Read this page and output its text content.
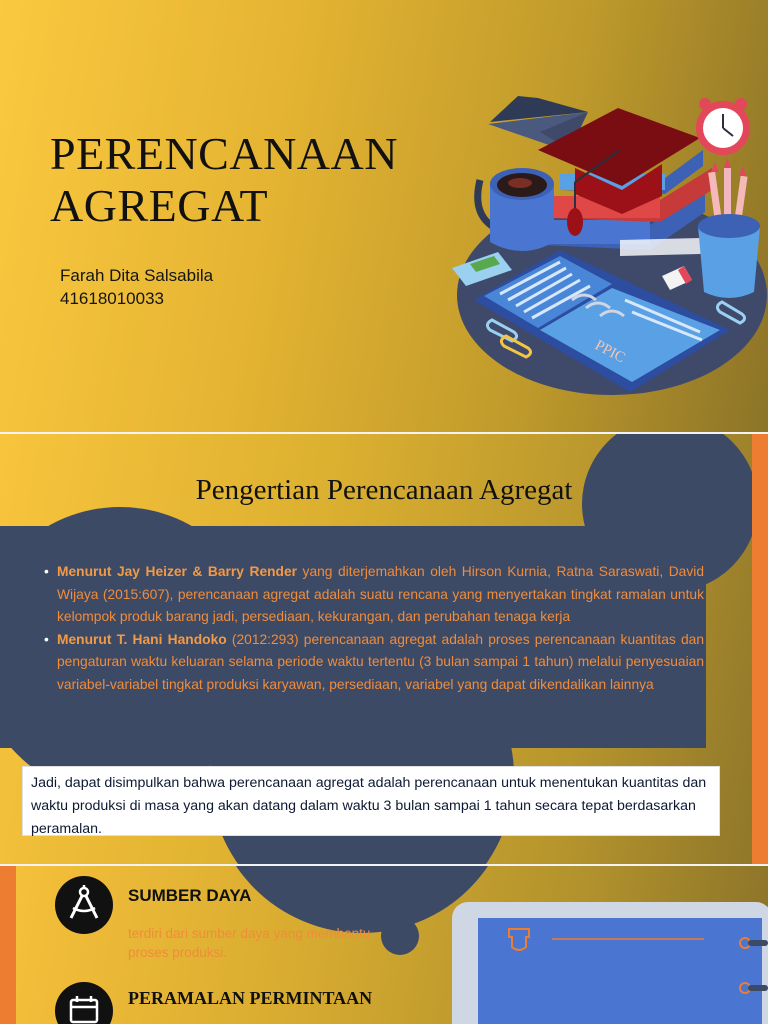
PERENCANAAN
AGREGAT
Farah Dita Salsabila
41618010033
PPIC
Pengertian Perencanaan Agregat
• Menurut Jay Heizer & Barry Render yang diterjemahkan oleh Hirson Kurnia, Ratna Saraswati, David Wijaya (2015:607), perencanaan agregat adalah suatu rencana yang menyertakan tingkat ramalan untuk kelompok produk barang jadi, persediaan, kekurangan, dan perubahan tenaga kerja
• Menurut T. Hani Handoko (2012:293) perencanaan agregat adalah proses perencanaan kuantitas dan pengaturan waktu keluaran selama periode waktu tertentu (3 bulan sampai 1 tahun) melalui penyesuaian variabel-variabel tingkat produksi karyawan, persediaan, variabel yang dapat dikendalikan lainnya
Jadi, dapat disimpulkan bahwa perencanaan agregat adalah perencanaan untuk menentukan kuantitas dan waktu produksi di masa yang akan datang dalam waktu 3 bulan sampai 1 tahun secara tepat berdasarkan peramalan.
SUMBER DAYA
terdiri dari sumber daya yang membantu
proses produksi.
PERAMALAN PERMINTAAN
